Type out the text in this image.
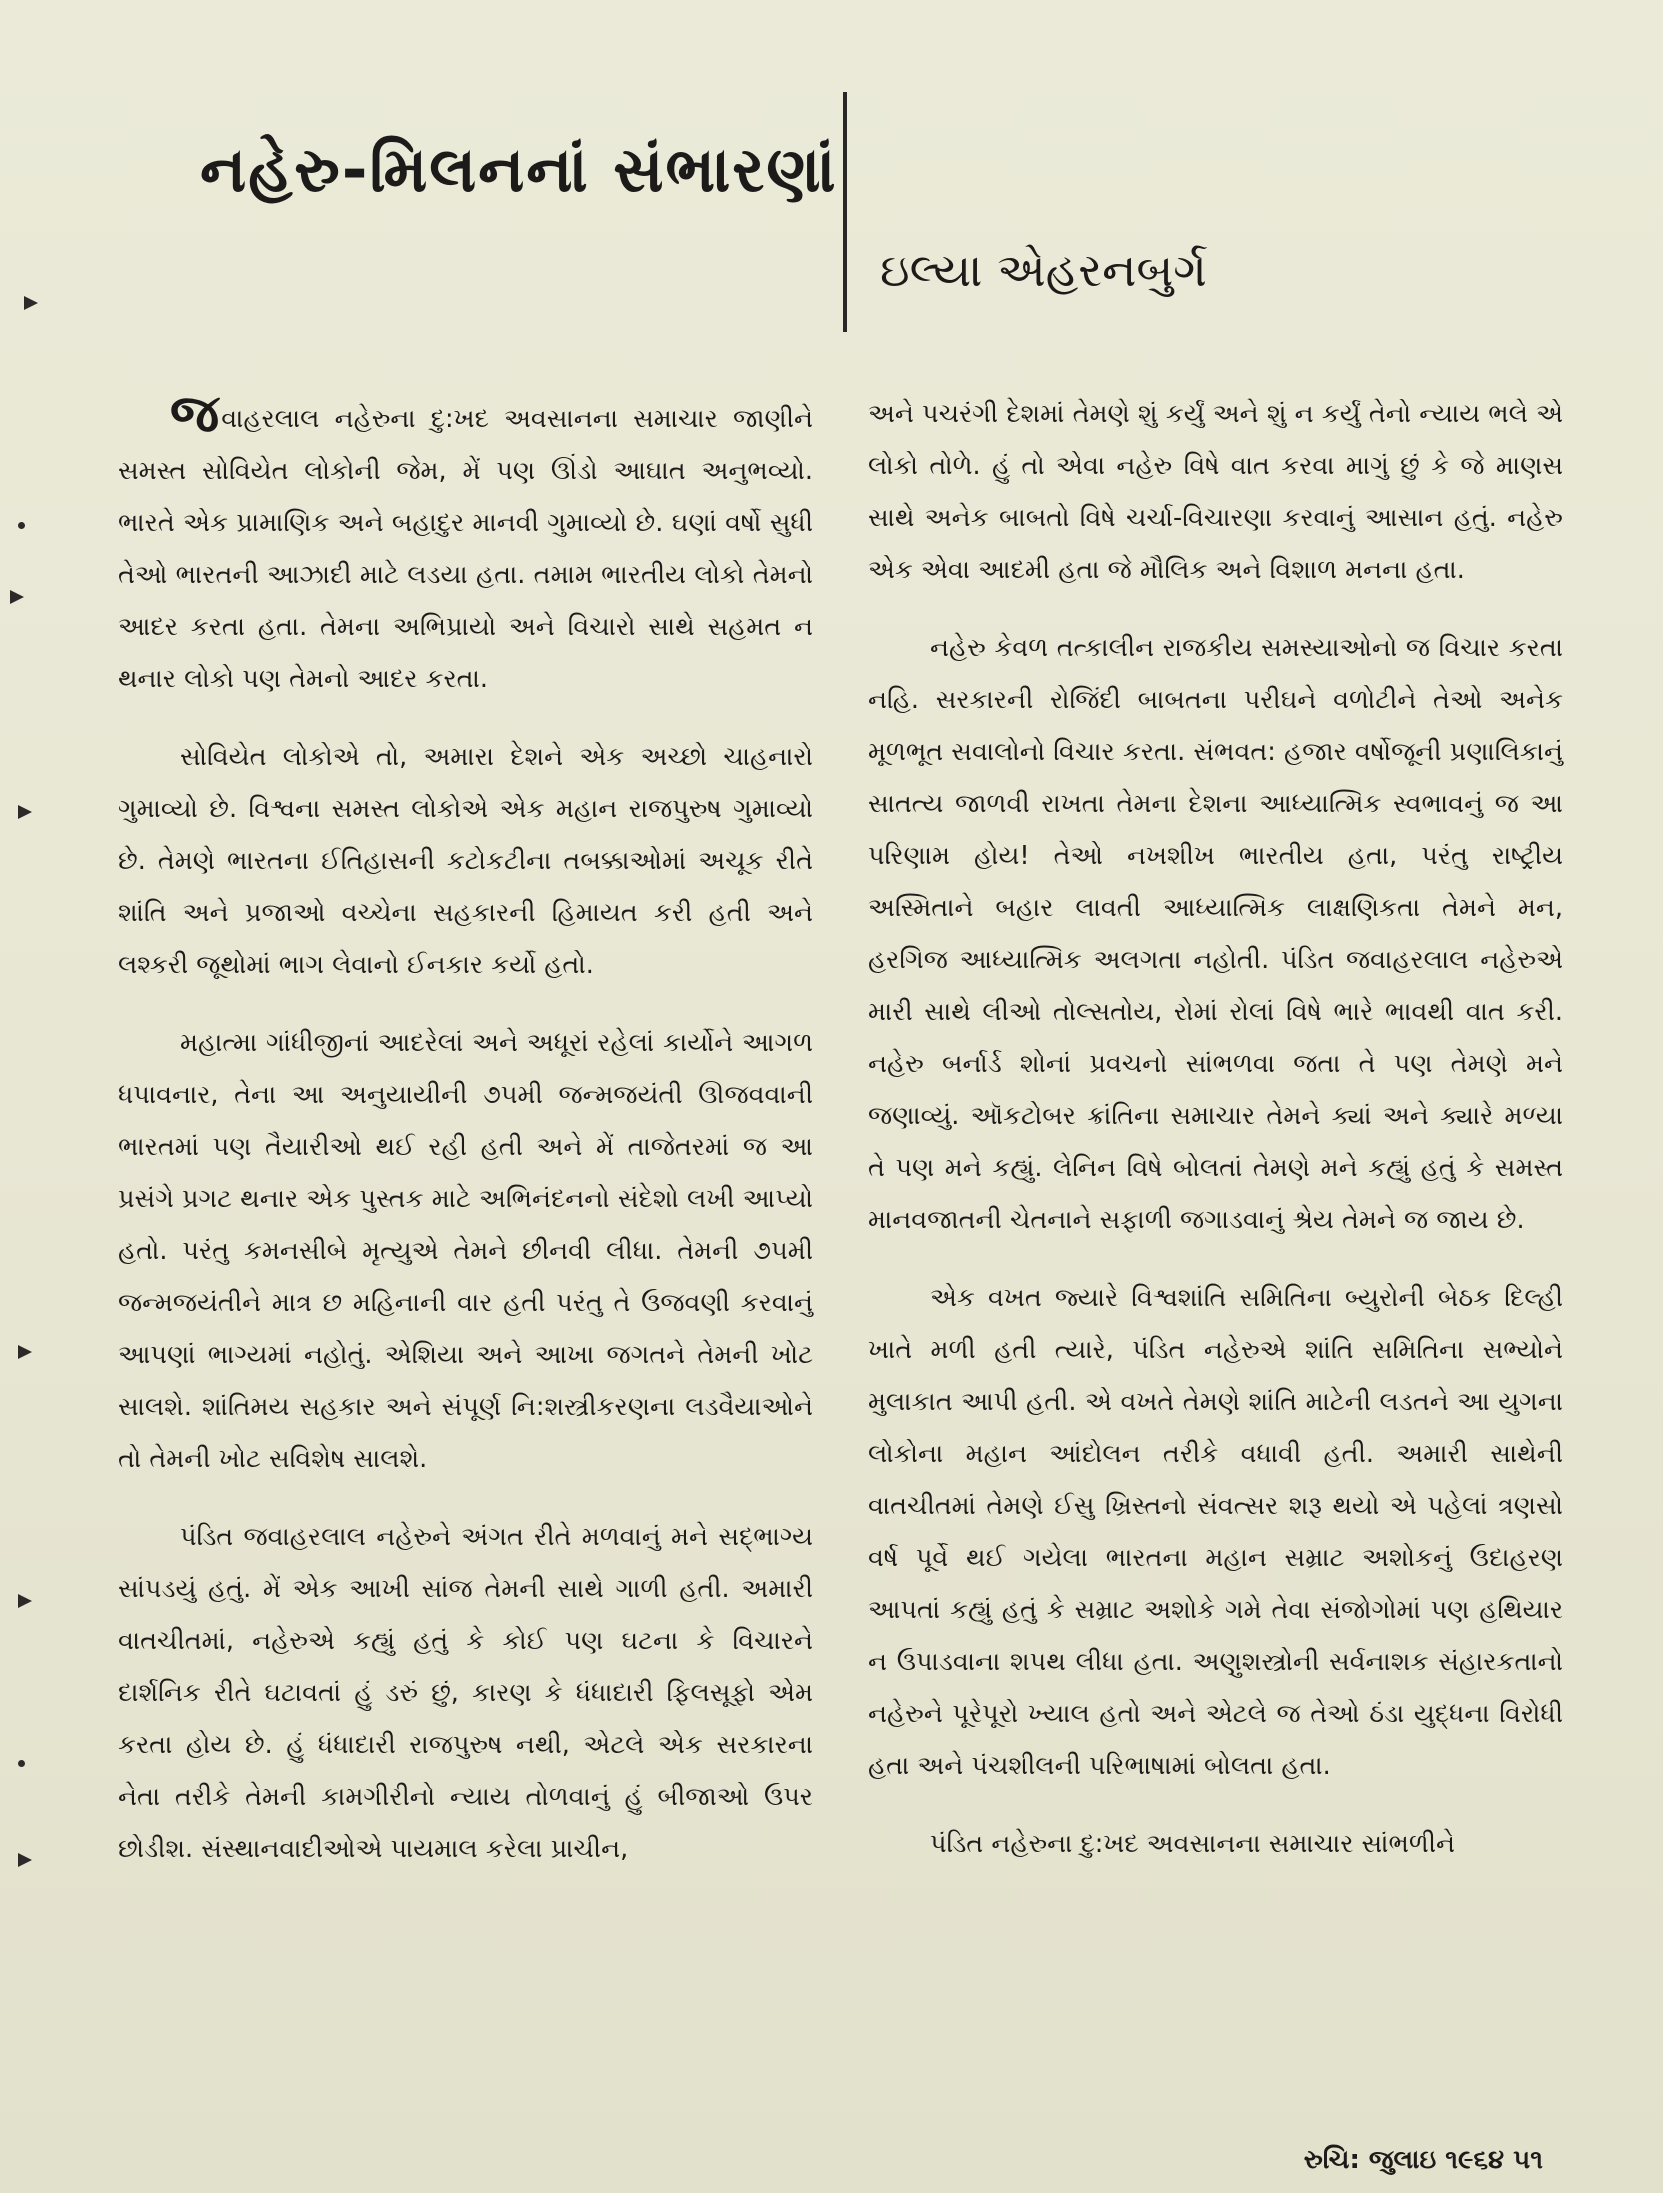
નહેરુ-મિલનનાં સંભારણાં
ઇલ્યા એહરનબુર્ગ

જવાહરલાલ નહેરુના દુ:ખદ અવસાનના સમાચાર જાણીને સમસ્ત સોવિયેત લોકોની જેમ, મેં પણ ઊંડો આઘાત અનુભવ્યો. ભારતે એક પ્રામાણિક અને બહાદુર માનવી ગુમાવ્યો છે. ઘણાં વર્ષો સુધી તેઓ ભારતની આઝાદી માટે લડયા હતા. તમામ ભારતીય લોકો તેમનો આદર કરતા હતા. તેમના અભિપ્રાયો અને વિચારો સાથે સહમત ન થનાર લોકો પણ તેમનો આદર કરતા.

સોવિયેત લોકોએ તો, અમારા દેશને એક અચ્છો ચાહનારો ગુમાવ્યો છે. વિશ્વના સમસ્ત લોકોએ એક મહાન રાજપુરુષ ગુમાવ્યો છે. તેમણે ભારતના ઈતિહાસની કટોકટીના તબક્કાઓમાં અચૂક રીતે શાંતિ અને પ્રજાઓ વચ્ચેના સહકારની હિમાયત કરી હતી અને લશ્કરી જૂથોમાં ભાગ લેવાનો ઈનકાર કર્યો હતો.

મહાત્મા ગાંધીજીનાં આદરેલાં અને અધૂરાં રહેલાં કાર્યોને આગળ ધપાવનાર, તેના આ અનુયાયીની ૭૫મી જન્મજયંતી ઊજવવાની ભારતમાં પણ તૈયારીઓ થઈ રહી હતી અને મેં તાજેતરમાં જ આ પ્રસંગે પ્રગટ થનાર એક પુસ્તક માટે અભિનંદનનો સંદેશો લખી આપ્યો હતો. પરંતુ કમનસીબે મૃત્યુએ તેમને છીનવી લીધા. તેમની ૭૫મી જન્મજયંતીને માત્ર છ મહિનાની વાર હતી પરંતુ તે ઉજવણી કરવાનું આપણાં ભાગ્યમાં નહોતું. એશિયા અને આખા જગતને તેમની ખોટ સાલશે. શાંતિમય સહકાર અને સંપૂર્ણ નિ:શસ્ત્રીકરણના લડવૈયાઓને તો તેમની ખોટ સવિશેષ સાલશે.

પંડિત જવાહરલાલ નહેરુને અંગત રીતે મળવાનું મને સદ્ભાગ્ય સાંપડયું હતું. મેં એક આખી સાંજ તેમની સાથે ગાળી હતી. અમારી વાતચીતમાં, નહેરુએ કહ્યું હતું કે કોઈ પણ ઘટના કે વિચારને દાર્શનિક રીતે ઘટાવતાં હું ડરું છું, કારણ કે ધંધાદારી ફિલસૂફો એમ કરતા હોય છે. હું ધંધાદારી રાજપુરુષ નથી, એટલે એક સરકારના નેતા તરીકે તેમની કામગીરીનો ન્યાય તોળવાનું હું બીજાઓ ઉપર છોડીશ. સંસ્થાનવાદીઓએ પાયમાલ કરેલા પ્રાચીન,

અને પચરંગી દેશમાં તેમણે શું કર્યું અને શું ન કર્યું તેનો ન્યાય ભલે એ લોકો તોળે. હું તો એવા નહેરુ વિષે વાત કરવા માગું છું કે જે માણસ સાથે અનેક બાબતો વિષે ચર્ચા-વિચારણા કરવાનું આસાન હતું. નહેરુ એક એવા આદમી હતા જે મૌલિક અને વિશાળ મનના હતા.

નહેરુ કેવળ તત્કાલીન રાજકીય સમસ્યાઓનો જ વિચાર કરતા નહિ. સરકારની રોજિંદી બાબતના પરીઘને વળોટીને તેઓ અનેક મૂળભૂત સવાલોનો વિચાર કરતા. સંભવત: હજાર વર્ષોજૂની પ્રણાલિકાનું સાતત્ય જાળવી રાખતા તેમના દેશના આધ્યાત્મિક સ્વભાવનું જ આ પરિણામ હોય! તેઓ નખશીખ ભારતીય હતા, પરંતુ રાષ્ટ્રીય અસ્મિતાને બહાર લાવતી આધ્યાત્મિક લાક્ષણિકતા તેમને મન, હરગિજ આધ્યાત્મિક અલગતા નહોતી. પંડિત જવાહરલાલ નહેરુએ મારી સાથે લીઓ તોલ્સતોય, રોમાં રોલાં વિષે ભારે ભાવથી વાત કરી. નહેરુ બર્નાર્ડ શોનાં પ્રવચનો સાંભળવા જતા તે પણ તેમણે મને જણાવ્યું. ઑકટોબર ક્રાંતિના સમાચાર તેમને ક્યાં અને ક્યારે મળ્યા તે પણ મને કહ્યું. લેનિન વિષે બોલતાં તેમણે મને કહ્યું હતું કે સમસ્ત માનવજાતની ચેતનાને સફાળી જગાડવાનું શ્રેય તેમને જ જાય છે.

એક વખત જ્યારે વિશ્વશાંતિ સમિતિના બ્યુરોની બેઠક દિલ્હી ખાતે મળી હતી ત્યારે, પંડિત નહેરુએ શાંતિ સમિતિના સભ્યોને મુલાકાત આપી હતી. એ વખતે તેમણે શાંતિ માટેની લડતને આ યુગના લોકોના મહાન આંદોલન તરીકે વધાવી હતી. અમારી સાથેની વાતચીતમાં તેમણે ઈસુ ખ્રિસ્તનો સંવત્સર શરૂ થયો એ પહેલાં ત્રણસો વર્ષ પૂર્વે થઈ ગયેલા ભારતના મહાન સમ્રાટ અશોકનું ઉદાહરણ આપતાં કહ્યું હતું કે સમ્રાટ અશોકે ગમે તેવા સંજોગોમાં પણ હથિયાર ન ઉપાડવાના શપથ લીધા હતા. અણુશસ્ત્રોની સર્વનાશક સંહારકતાનો નહેરુને પૂરેપૂરો ખ્યાલ હતો અને એટલે જ તેઓ ઠંડા યુદ્ધના વિરોધી હતા અને પંચશીલની પરિભાષામાં બોલતા હતા.

પંડિત નહેરુના દુ:ખદ અવસાનના સમાચાર સાંભળીને

રુચિ: જુલાઇ ૧૯૬૪ ૫૧
